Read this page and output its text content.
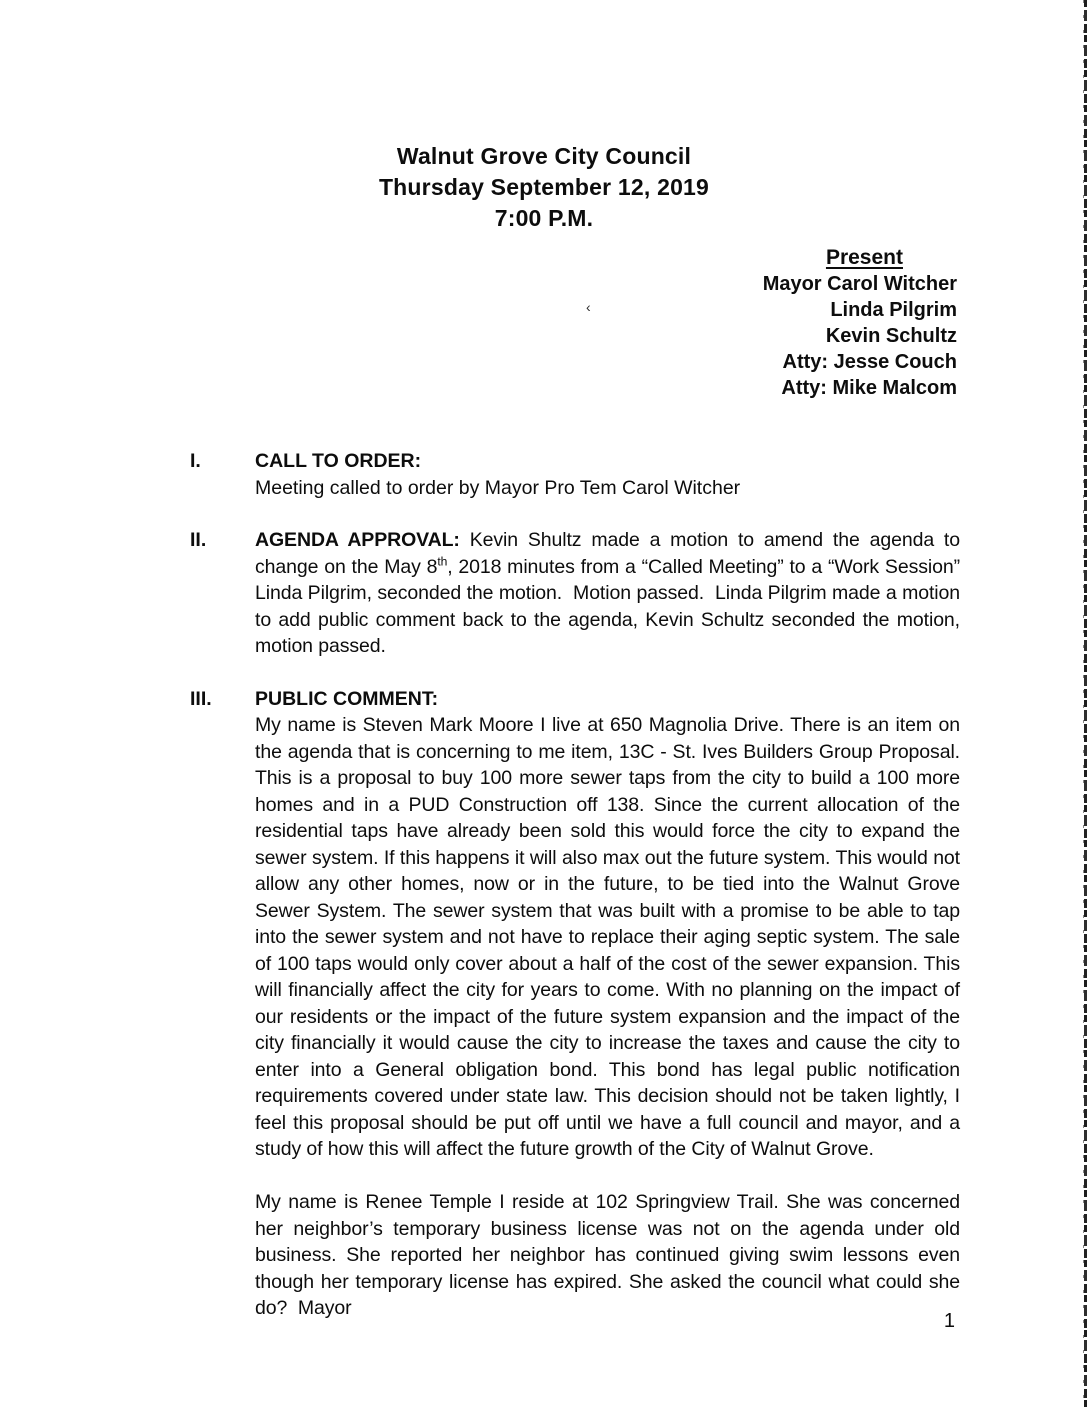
Walnut Grove City Council
Thursday September 12, 2019
7:00 P.M.
Present
Mayor Carol Witcher
Linda Pilgrim
Kevin Schultz
Atty: Jesse Couch
Atty: Mike Malcom
‹
I.	CALL TO ORDER:

Meeting called to order by Mayor Pro Tem Carol Witcher

II.	AGENDA APPROVAL: Kevin Shultz made a motion to amend the agenda to change on the May 8th, 2018 minutes from a “Called Meeting” to a “Work Session” Linda Pilgrim, seconded the motion.  Motion passed.  Linda Pilgrim made a motion to add public comment back to the agenda, Kevin Schultz seconded the motion, motion passed.

III.	PUBLIC COMMENT:

My name is Steven Mark Moore I live at 650 Magnolia Drive. There is an item on the agenda that is concerning to me item, 13C - St. Ives Builders Group Proposal. This is a proposal to buy 100 more sewer taps from the city to build a 100 more homes and in a PUD Construction off 138. Since the current allocation of the residential taps have already been sold this would force the city to expand the sewer system. If this happens it will also max out the future system. This would not allow any other homes, now or in the future, to be tied into the Walnut Grove Sewer System. The sewer system that was built with a promise to be able to tap into the sewer system and not have to replace their aging septic system. The sale of 100 taps would only cover about a half of the cost of the sewer expansion. This will financially affect the city for years to come. With no planning on the impact of our residents or the impact of the future system expansion and the impact of the city financially it would cause the city to increase the taxes and cause the city to enter into a General obligation bond. This bond has legal public notification requirements covered under state law. This decision should not be taken lightly, I feel this proposal should be put off until we have a full council and mayor, and a study of how this will affect the future growth of the City of Walnut Grove.

My name is Renee Temple I reside at 102 Springview Trail. She was concerned her neighbor’s temporary business license was not on the agenda under old business. She reported her neighbor has continued giving swim lessons even though her temporary license has expired. She asked the council what could she do?  Mayor

1
